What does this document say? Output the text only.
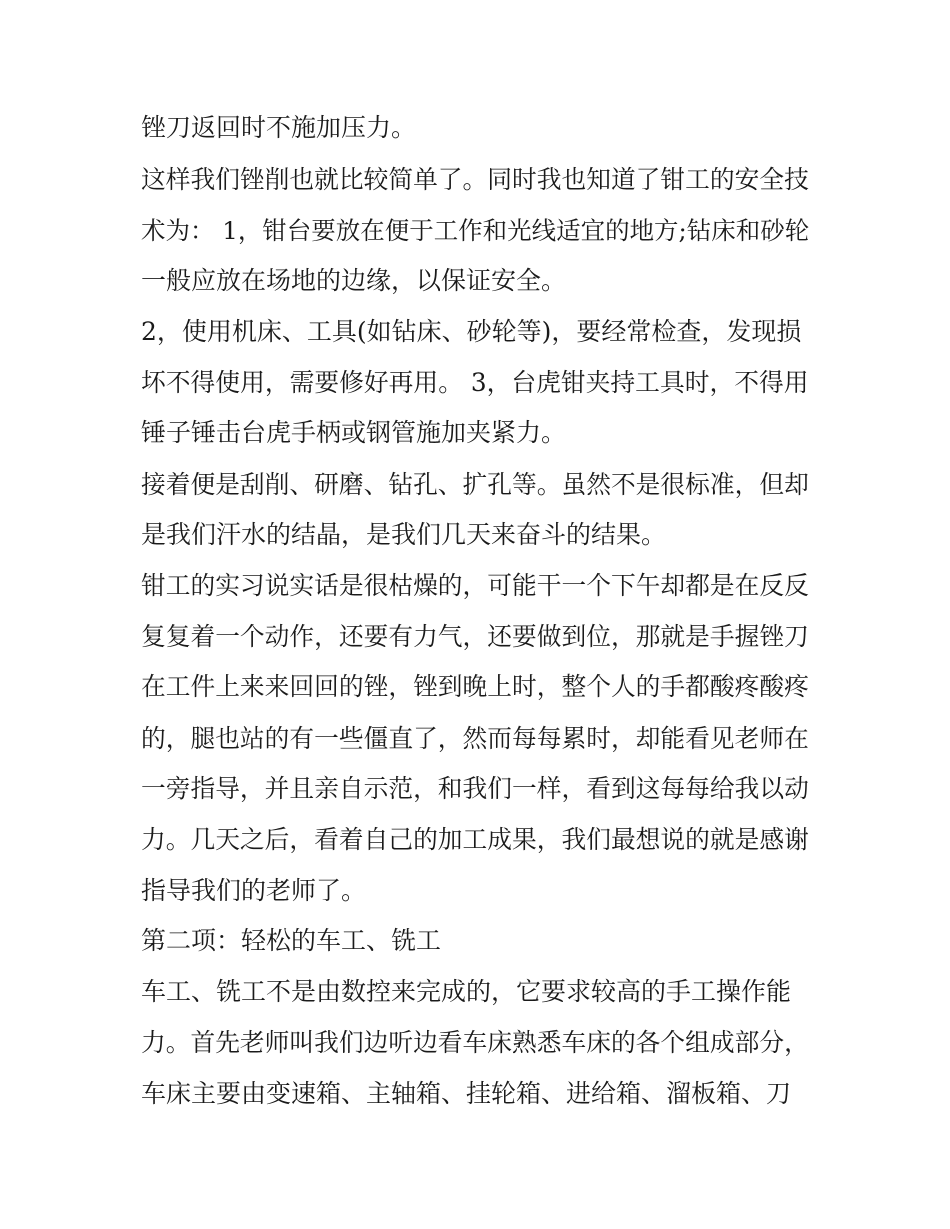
锉刀返回时不施加压力。
这样我们锉削也就比较简单了。同时我也知道了钳工的安全技
术为： 1，钳台要放在便于工作和光线适宜的地方;钻床和砂轮
一般应放在场地的边缘，以保证安全。
2，使用机床、工具(如钻床、砂轮等)，要经常检查，发现损
坏不得使用，需要修好再用。 3，台虎钳夹持工具时，不得用
锤子锤击台虎手柄或钢管施加夹紧力。
接着便是刮削、研磨、钻孔、扩孔等。虽然不是很标准，但却
是我们汗水的结晶，是我们几天来奋斗的结果。
钳工的实习说实话是很枯燥的，可能干一个下午却都是在反反
复复着一个动作，还要有力气，还要做到位，那就是手握锉刀
在工件上来来回回的锉，锉到晚上时，整个人的手都酸疼酸疼
的，腿也站的有一些僵直了，然而每每累时，却能看见老师在
一旁指导，并且亲自示范，和我们一样，看到这每每给我以动
力。几天之后，看着自己的加工成果，我们最想说的就是感谢
指导我们的老师了。
第二项：轻松的车工、铣工
车工、铣工不是由数控来完成的，它要求较高的手工操作能
力。首先老师叫我们边听边看车床熟悉车床的各个组成部分，
车床主要由变速箱、主轴箱、挂轮箱、进给箱、溜板箱、刀
